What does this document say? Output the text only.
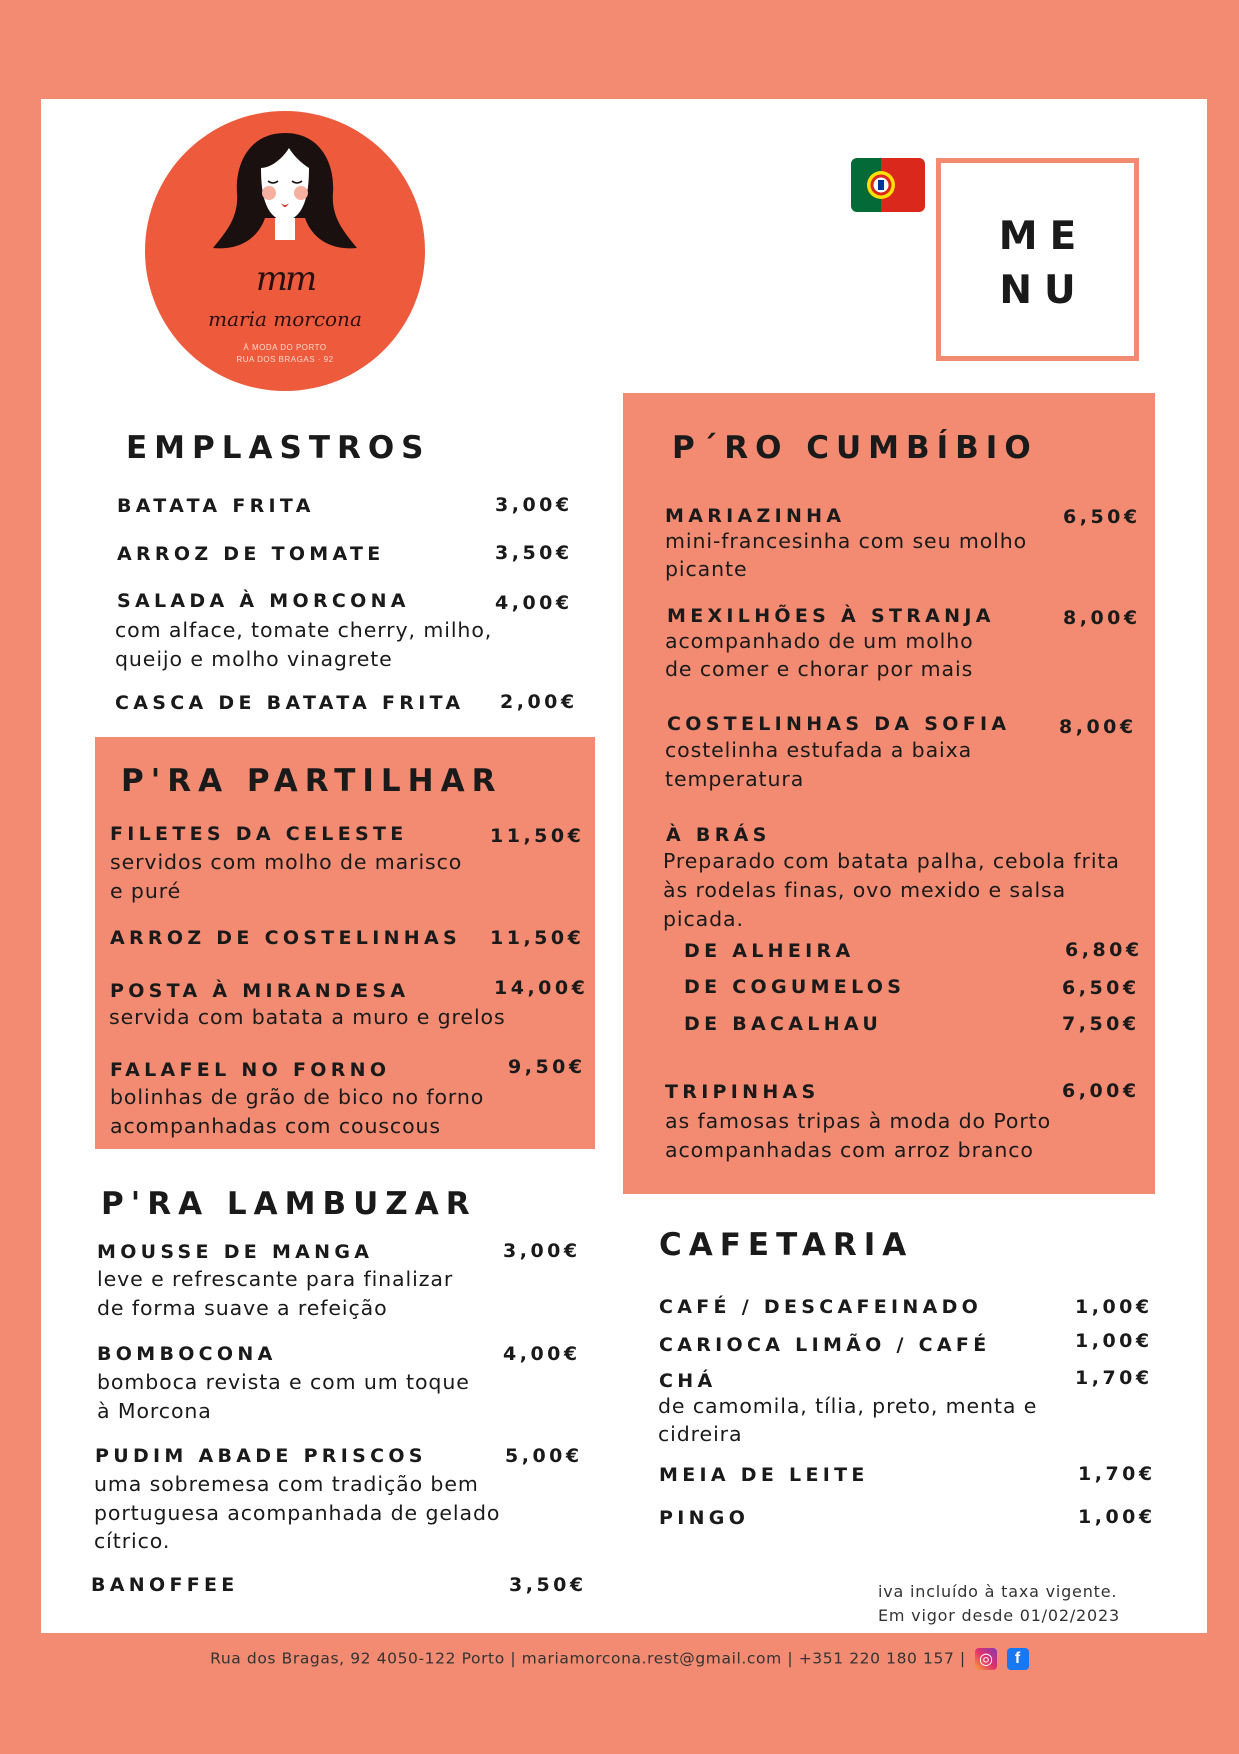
mm
maria morcona
À MODA DO PORTO
RUA DOS BRAGAS · 92
ME
NU
EMPLASTROS
BATATA FRITA	3,00€
ARROZ DE TOMATE	3,50€
SALADA À MORCONA	4,00€
com alface, tomate cherry, milho,
queijo e molho vinagrete
CASCA DE BATATA FRITA 2,00€
P'RA PARTILHAR
FILETES DA CELESTE	11,50€
servidos com molho de marisco
e puré
ARROZ DE COSTELINHAS 11,50€
POSTA À MIRANDESA	14,00€
servida com batata a muro e grelos
FALAFEL NO FORNO	9,50€
bolinhas de grão de bico no forno
acompanhadas com couscous
P'RA LAMBUZAR
MOUSSE DE MANGA	3,00€
leve e refrescante para finalizar
de forma suave a refeição
BOMBOCONA	4,00€
bomboca revista e com um toque
à Morcona
PUDIM ABADE PRISCOS	5,00€
uma sobremesa com tradição bem
portuguesa acompanhada de gelado
cítrico.
BANOFFEE	3,50€
P´RO CUMBÍBIO
MARIAZINHA	6,50€
mini-francesinha com seu molho
picante
MEXILHÕES À STRANJA	8,00€
acompanhado de um molho
de comer e chorar por mais
COSTELINHAS DA SOFIA	8,00€
costelinha estufada a baixa
temperatura
À BRÁS
Preparado com batata palha, cebola frita
às rodelas finas, ovo mexido e salsa
picada.
DE ALHEIRA	6,80€
DE COGUMELOS	6,50€
DE BACALHAU	7,50€
TRIPINHAS	6,00€
as famosas tripas à moda do Porto
acompanhadas com arroz branco
CAFETARIA
CAFÉ / DESCAFEINADO	1,00€
CARIOCA LIMÃO / CAFÉ	1,00€
CHÁ	1,70€
de camomila, tília, preto, menta e
cidreira
MEIA DE LEITE	1,70€
PINGO	1,00€
iva incluído à taxa vigente.
Em vigor desde 01/02/2023
Rua dos Bragas, 92 4050-122 Porto | mariamorcona.rest@gmail.com | +351 220 180 157 | ◎ f
